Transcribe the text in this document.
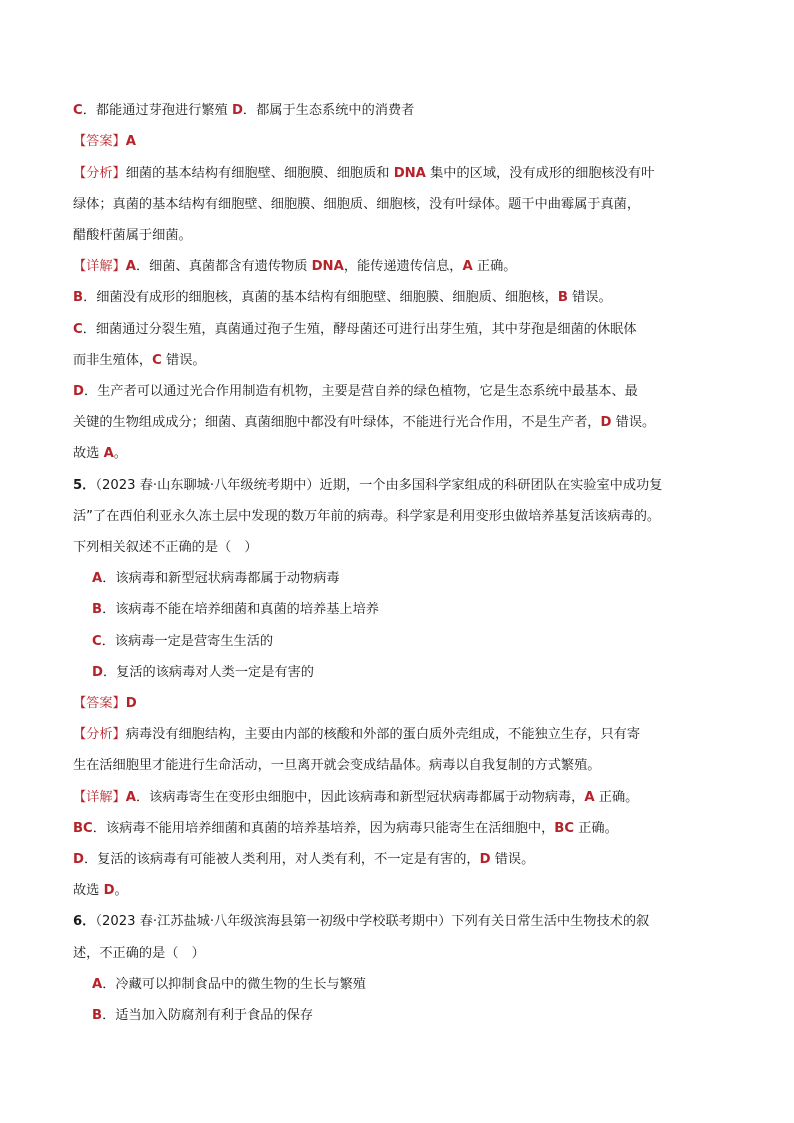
C．都能通过芽孢进行繁殖 D．都属于生态系统中的消费者
【答案】A
【分析】细菌的基本结构有细胞壁、细胞膜、细胞质和 DNA 集中的区域，没有成形的细胞核没有叶
绿体；真菌的基本结构有细胞壁、细胞膜、细胞质、细胞核，没有叶绿体。题干中曲霉属于真菌，
醋酸杆菌属于细菌。
【详解】A．细菌、真菌都含有遗传物质 DNA，能传递遗传信息，A 正确。
B．细菌没有成形的细胞核，真菌的基本结构有细胞壁、细胞膜、细胞质、细胞核，B 错误。
C．细菌通过分裂生殖，真菌通过孢子生殖，酵母菌还可进行出芽生殖，其中芽孢是细菌的休眠体
而非生殖体，C 错误。
D．生产者可以通过光合作用制造有机物，主要是营自养的绿色植物，它是生态系统中最基本、最
关键的生物组成成分；细菌、真菌细胞中都没有叶绿体，不能进行光合作用，不是生产者，D 错误。
故选 A。
5．（2023 春·山东聊城·八年级统考期中）近期，一个由多国科学家组成的科研团队在实验室中成功复
活”了在西伯利亚永久冻土层中发现的数万年前的病毒。科学家是利用变形虫做培养基复活该病毒的。
下列相关叙述不正确的是（　）
A．该病毒和新型冠状病毒都属于动物病毒
B．该病毒不能在培养细菌和真菌的培养基上培养
C．该病毒一定是营寄生生活的
D．复活的该病毒对人类一定是有害的
【答案】D
【分析】病毒没有细胞结构，主要由内部的核酸和外部的蛋白质外壳组成，不能独立生存，只有寄
生在活细胞里才能进行生命活动，一旦离开就会变成结晶体。病毒以自我复制的方式繁殖。
【详解】A．该病毒寄生在变形虫细胞中，因此该病毒和新型冠状病毒都属于动物病毒，A 正确。
BC．该病毒不能用培养细菌和真菌的培养基培养，因为病毒只能寄生在活细胞中，BC 正确。
D．复活的该病毒有可能被人类利用，对人类有利，不一定是有害的，D 错误。
故选 D。
6．（2023 春·江苏盐城·八年级滨海县第一初级中学校联考期中）下列有关日常生活中生物技术的叙
述，不正确的是（　）
A．冷藏可以抑制食品中的微生物的生长与繁殖
B．适当加入防腐剂有利于食品的保存
